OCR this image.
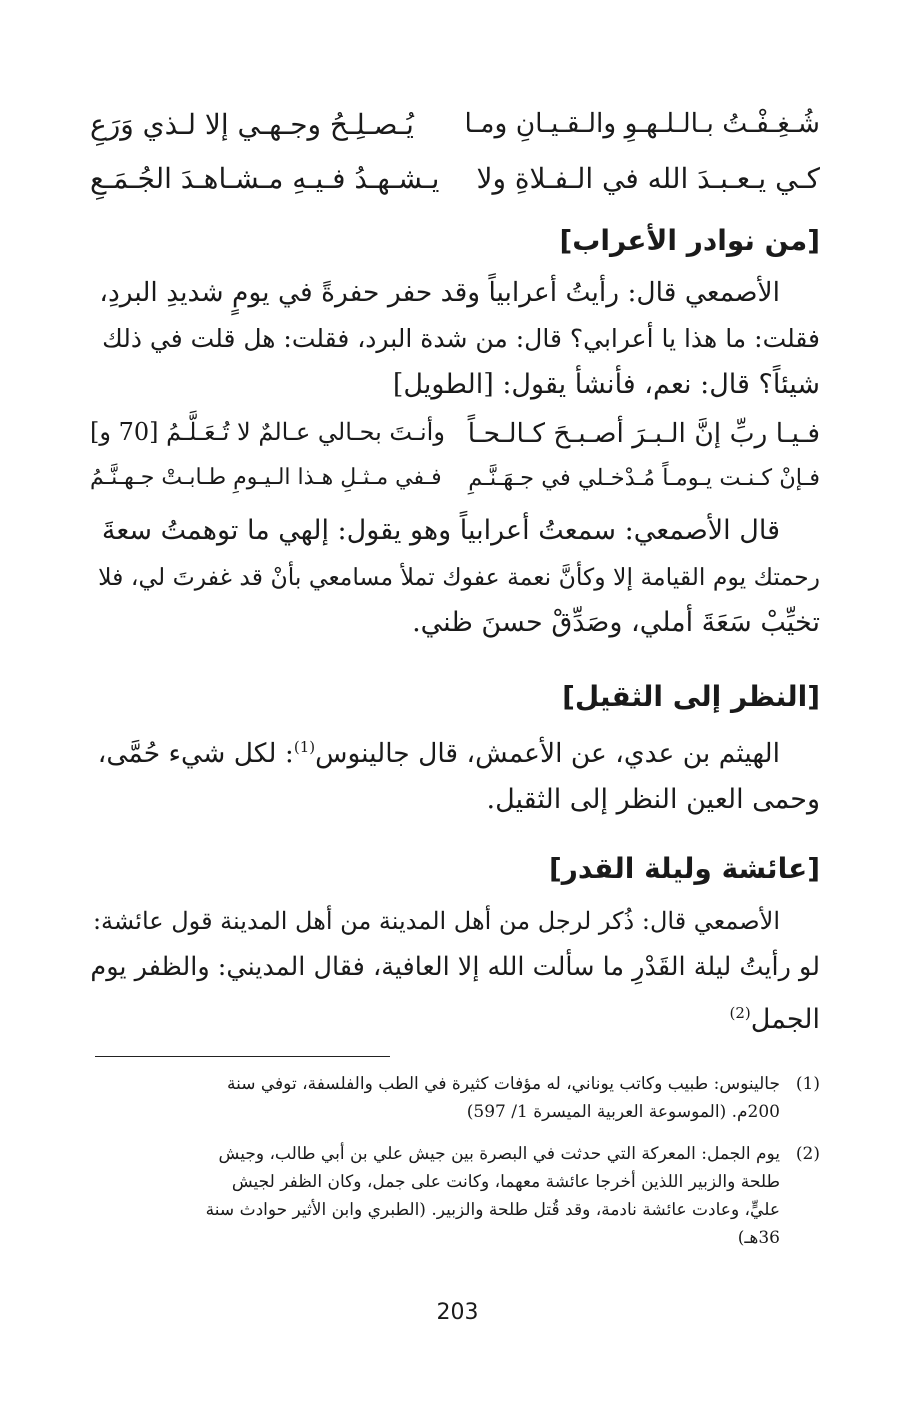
شُـغِـفْـتُ بـالـلـهـوِ والـقـيـانِ ومـا
يُـصـلِـحُ وجـهـي إلا لـذي وَرَعِ
كـي يـعـبـدَ الله في الـفـلاةِ ولا
يـشـهـدُ فـيـهِ مـشـاهـدَ الجُـمَـعِ
[من نوادر الأعراب]
الأصمعي قال: رأيتُ أعرابياً وقد حفر حفرةً في يومٍ شديدِ البردِ،
فقلت: ما هذا يا أعرابي؟ قال: من شدة البرد، فقلت: هل قلت في ذلك
شيئاً؟ قال: نعم، فأنشأ يقول: [الطويل]
فـيـا ربِّ إنَّ الـبـرَ أصـبـحَ كـالـحـاً
وأنـتَ بحـالي عـالمٌ لا تُـعَـلَّـمُ [70 و]
فـإنْ كـنـت يـومـاً مُـدْخـلي في جـهَـنَّـمِ
فـفي مـثـلِ هـذا الـيـومِ طـابـتْ جـهـنَّـمُ
قال الأصمعي: سمعتُ أعرابياً وهو يقول: إلهي ما توهمتُ سعةَ
رحمتك يوم القيامة إلا وكأنَّ نعمة عفوك تملأ مسامعي بأنْ قد غفرتَ لي، فلا
تخيِّبْ سَعَةَ أملي، وصَدِّقْ حسنَ ظني.
[النظر إلى الثقيل]
الهيثم بن عدي، عن الأعمش، قال جالينوس$^{(1)}$: لكل شيء حُمَّى،
وحمى العين النظر إلى الثقيل.
[عائشة وليلة القدر]
الأصمعي قال: ذُكر لرجل من أهل المدينة من أهل المدينة قول عائشة:
لو رأيتُ ليلة القَدْرِ ما سألت الله إلا العافية، فقال المديني: والظفر يوم
الجمل$^{(2)}$
(1)جالينوس: طبيب وكاتب يوناني، له مؤفات كثيرة في الطب والفلسفة، توفي سنة
200م. (الموسوعة العربية الميسرة 1/ 597)
(2)يوم الجمل: المعركة التي حدثت في البصرة بين جيش علي بن أبي طالب، وجيش
طلحة والزبير اللذين أخرجا عائشة معهما، وكانت على جمل، وكان الظفر لجيش
عليٍّ، وعادت عائشة نادمة، وقد قُتل طلحة والزبير. (الطبري وابن الأثير حوادث سنة
36هـ)
203
